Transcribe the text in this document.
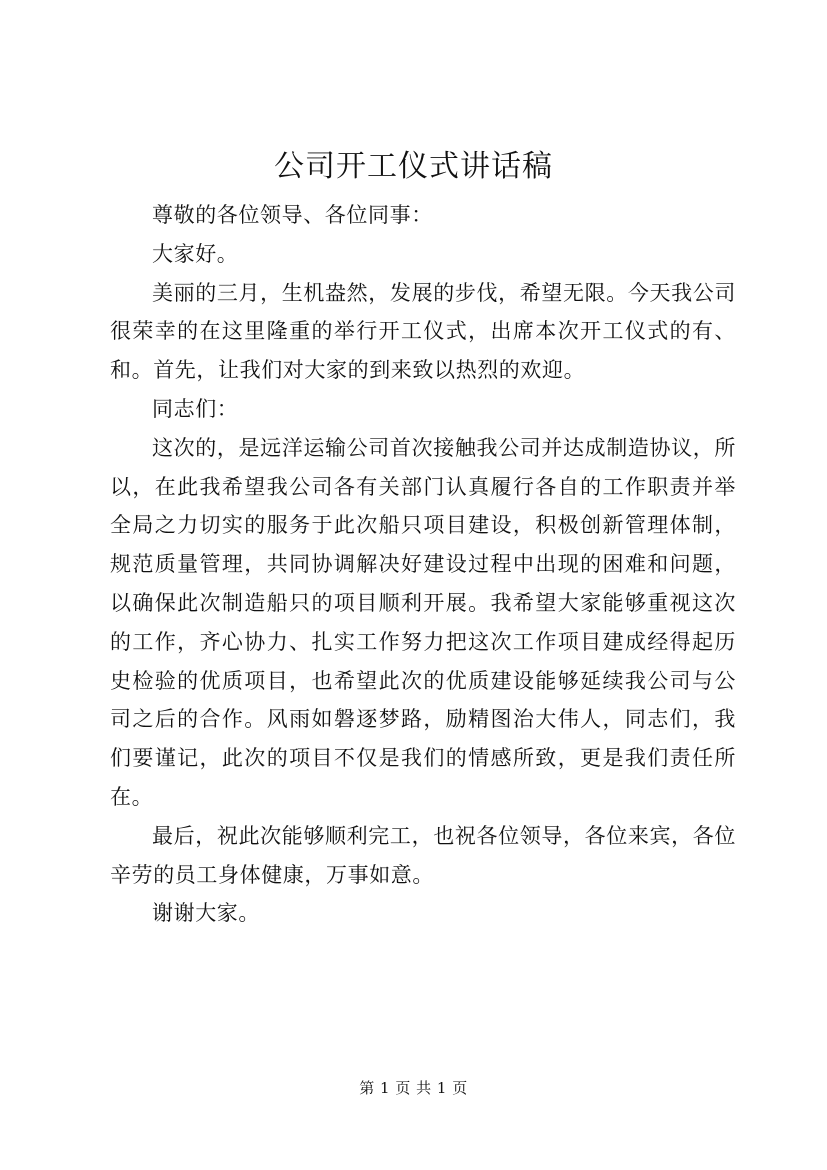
公司开工仪式讲话稿

尊敬的各位领导、各位同事：

大家好。

美丽的三月，生机盎然，发展的步伐，希望无限。今天我公司很荣幸的在这里隆重的举行开工仪式，出席本次开工仪式的有、和。首先，让我们对大家的到来致以热烈的欢迎。

同志们：

这次的，是远洋运输公司首次接触我公司并达成制造协议，所以，在此我希望我公司各有关部门认真履行各自的工作职责并举全局之力切实的服务于此次船只项目建设，积极创新管理体制，规范质量管理，共同协调解决好建设过程中出现的困难和问题，以确保此次制造船只的项目顺利开展。我希望大家能够重视这次的工作，齐心协力、扎实工作努力把这次工作项目建成经得起历史检验的优质项目，也希望此次的优质建设能够延续我公司与公司之后的合作。风雨如磐逐梦路，励精图治大伟人，同志们，我们要谨记，此次的项目不仅是我们的情感所致，更是我们责任所在。

最后，祝此次能够顺利完工，也祝各位领导，各位来宾，各位辛劳的员工身体健康，万事如意。

谢谢大家。

第 1 页 共 1 页
